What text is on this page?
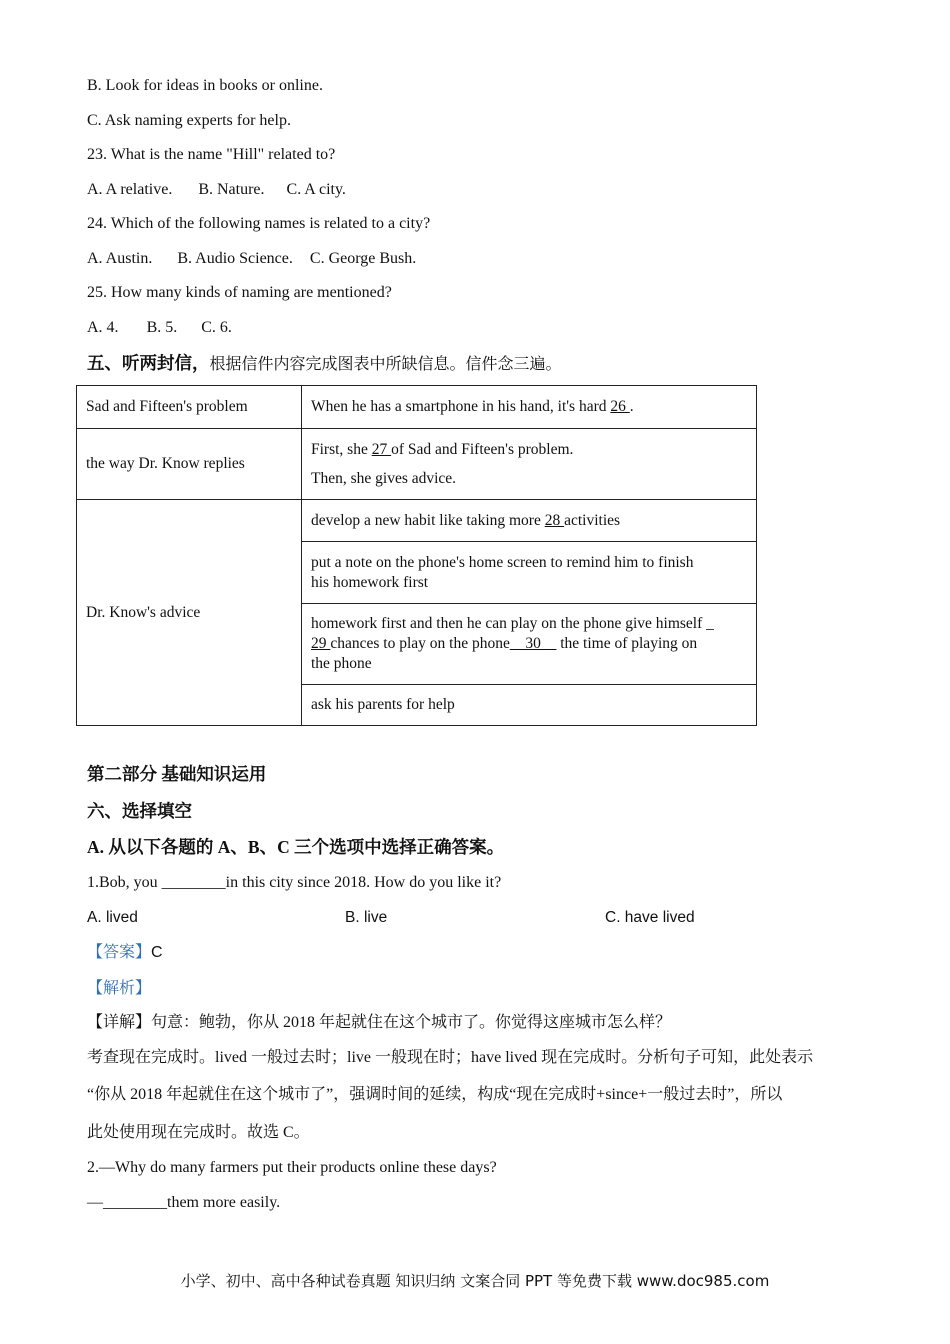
B. Look for ideas in books or online.
C. Ask naming experts for help.
23. What is the name "Hill" related to?
A. A relative. B. Nature. C. A city.
24. Which of the following names is related to a city?
A. Austin. B. Audio Science. C. George Bush.
25. How many kinds of naming are mentioned?
A. 4. B. 5. C. 6.
五、听两封信，根据信件内容完成图表中所缺信息。信件念三遍。
Sad and Fifteen's problem	When he has a smartphone in his hand, it's hard 26 .
the way Dr. Know replies	First, she 27 of Sad and Fifteen's problem.
Then, she gives advice.

Dr. Know's advice	develop a new habit like taking more 28 activities

	put a note on the phone's home screen to remind him to finish
his homework first

	homework first and then he can play on the phone give himself _
29 chances to play on the phone__30__ the time of playing on
the phone

	ask his parents for help
第二部分 基础知识运用
六、选择填空
A. 从以下各题的 A、B、C 三个选项中选择正确答案。
1.Bob, you ________in this city since 2018. How do you like it?
A. lived	B. live	C. have lived
【答案】C
【解析】
【详解】句意：鲍勃，你从 2018 年起就住在这个城市了。你觉得这座城市怎么样？
考查现在完成时。lived 一般过去时；live 一般现在时；have lived 现在完成时。分析句子可知，此处表示
“你从 2018 年起就住在这个城市了”，强调时间的延续，构成“现在完成时+since+一般过去时”，所以
此处使用现在完成时。故选 C。
2.—Why do many farmers put their products online these days?
—________them more easily.
小学、初中、高中各种试卷真题 知识归纳 文案合同 PPT 等免费下载 www.doc985.com
